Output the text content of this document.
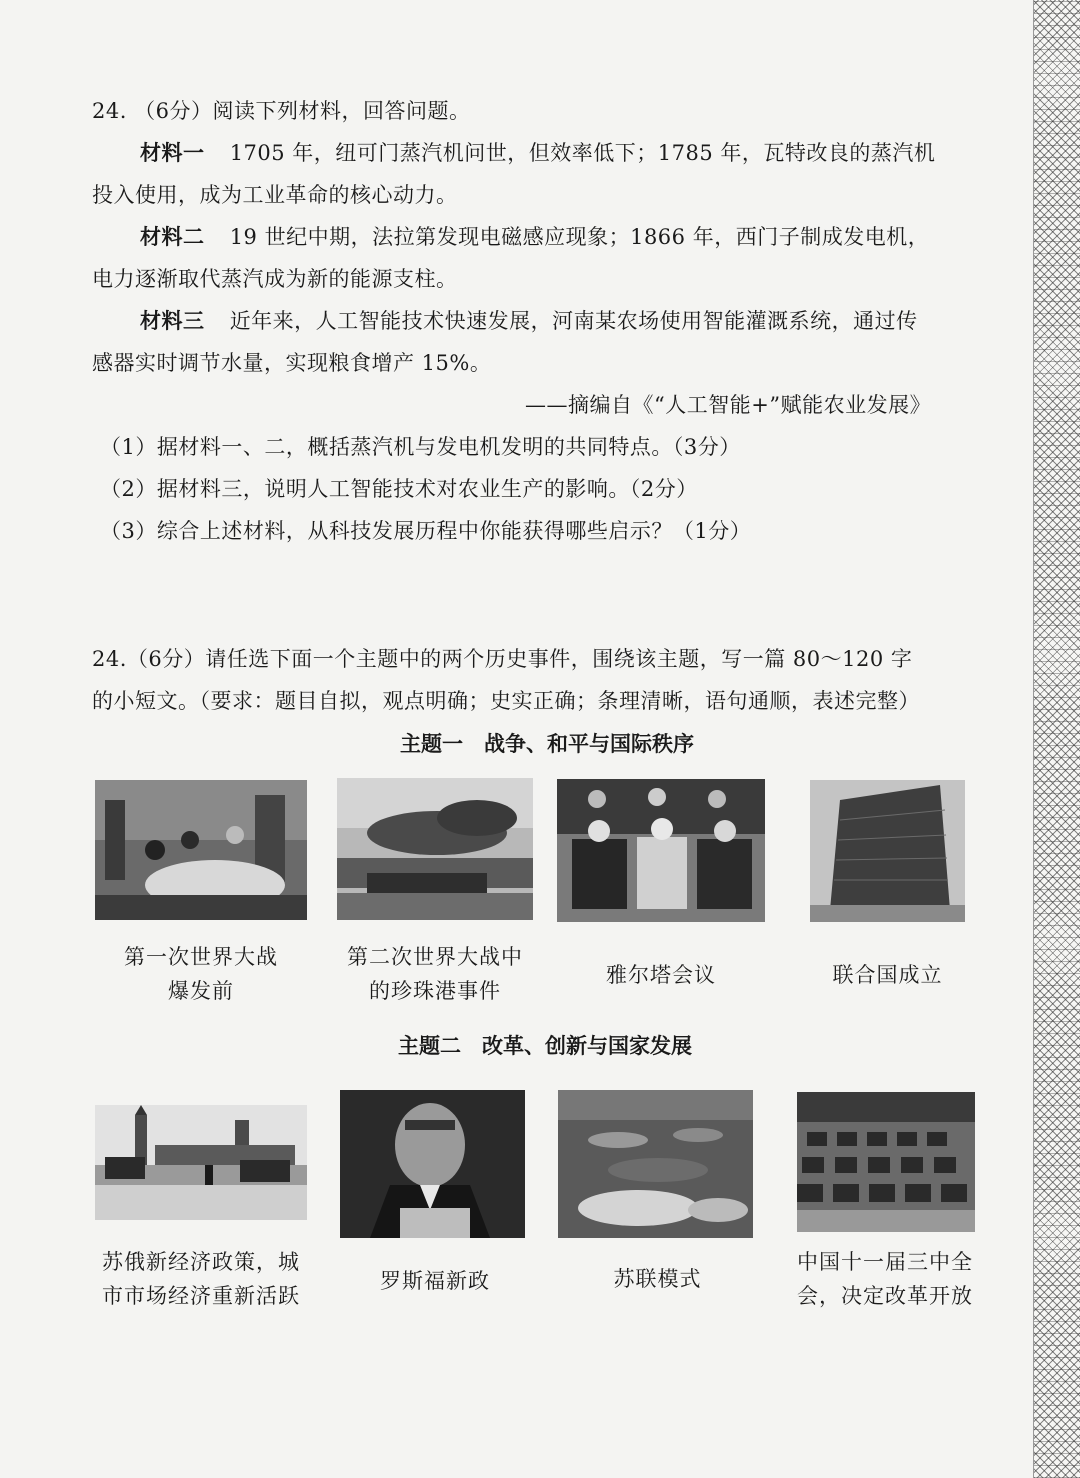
24. （6分）阅读下列材料，回答问题。
材料一 1705 年，纽可门蒸汽机问世，但效率低下；1785 年，瓦特改良的蒸汽机
投入使用，成为工业革命的核心动力。
材料二 19 世纪中期，法拉第发现电磁感应现象；1866 年，西门子制成发电机，
电力逐渐取代蒸汽成为新的能源支柱。
材料三 近年来，人工智能技术快速发展，河南某农场使用智能灌溉系统，通过传
感器实时调节水量，实现粮食增产 15%。
——摘编自《“人工智能+”赋能农业发展》
（1）据材料一、二，概括蒸汽机与发电机发明的共同特点。（3分）
（2）据材料三，说明人工智能技术对农业生产的影响。（2分）
（3）综合上述材料，从科技发展历程中你能获得哪些启示？（1分）
24.（6分）请任选下面一个主题中的两个历史事件，围绕该主题，写一篇 80～120 字
的小短文。（要求：题目自拟，观点明确；史实正确；条理清晰，语句通顺，表述完整）
主题一　战争、和平与国际秩序
第一次世界大战
爆发前
第二次世界大战中
的珍珠港事件
雅尔塔会议	联合国成立
主题二　改革、创新与国家发展
苏俄新经济政策，城
市市场经济重新活跃
罗斯福新政	苏联模式
中国十一届三中全
会，决定改革开放
